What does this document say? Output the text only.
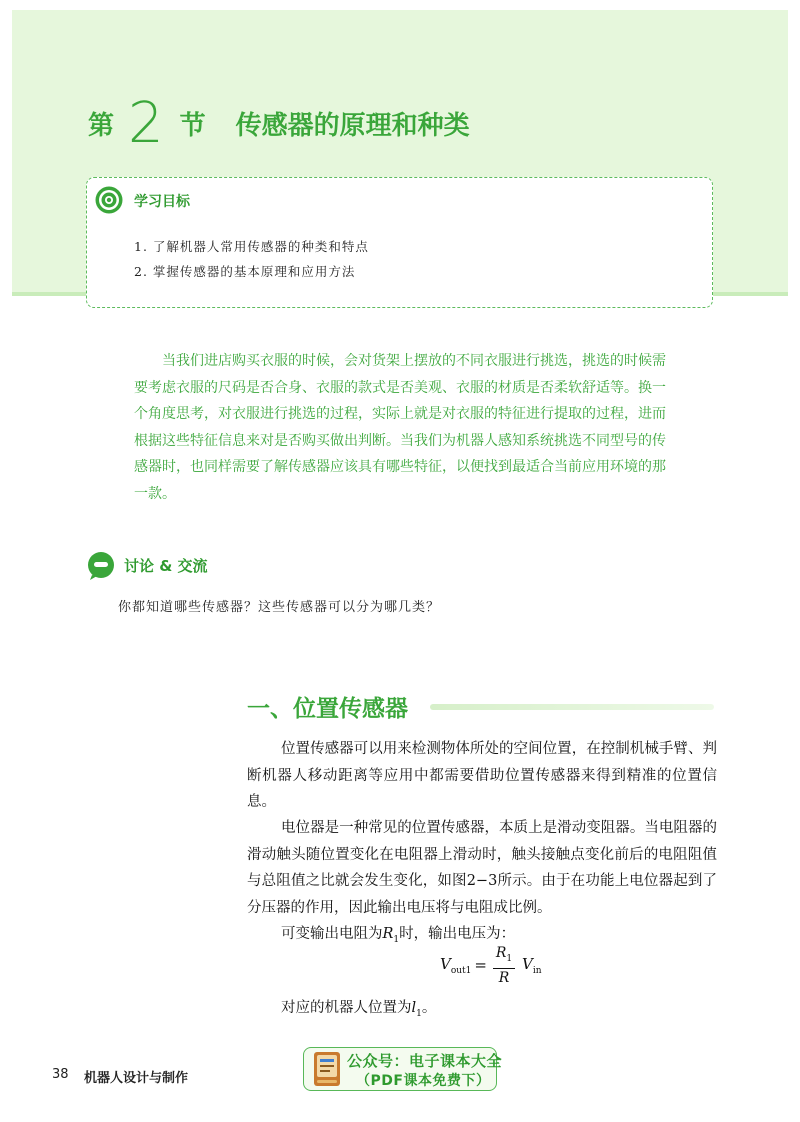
第 2 节 传感器的原理和种类
学习目标
1. 了解机器人常用传感器的种类和特点
2. 掌握传感器的基本原理和应用方法

当我们进店购买衣服的时候，会对货架上摆放的不同衣服进行挑选，挑选的时候需要考虑衣服的尺码是否合身、衣服的款式是否美观、衣服的材质是否柔软舒适等。换一个角度思考，对衣服进行挑选的过程，实际上就是对衣服的特征进行提取的过程，进而根据这些特征信息来对是否购买做出判断。当我们为机器人感知系统挑选不同型号的传感器时，也同样需要了解传感器应该具有哪些特征，以便找到最适合当前应用环境的那一款。

讨论 & 交流
你都知道哪些传感器？这些传感器可以分为哪几类？
一、位置传感器

位置传感器可以用来检测物体所处的空间位置，在控制机械手臂、判断机器人移动距离等应用中都需要借助位置传感器来得到精准的位置信息。

电位器是一种常见的位置传感器，本质上是滑动变阻器。当电阻器的滑动触头随位置变化在电阻器上滑动时，触头接触点变化前后的电阻阻值与总阻值之比就会发生变化，如图2−3所示。由于在功能上电位器起到了分压器的作用，因此输出电压将与电阻成比例。

可变输出电阻为$R_1$时，输出电压为：

$V_{out1}$ =
$R_1$
R
$V_{in}$

对应的机器人位置为$l_1$。

38 机器人设计与制作
公众号：电子课本大全
（PDF课本免费下）
